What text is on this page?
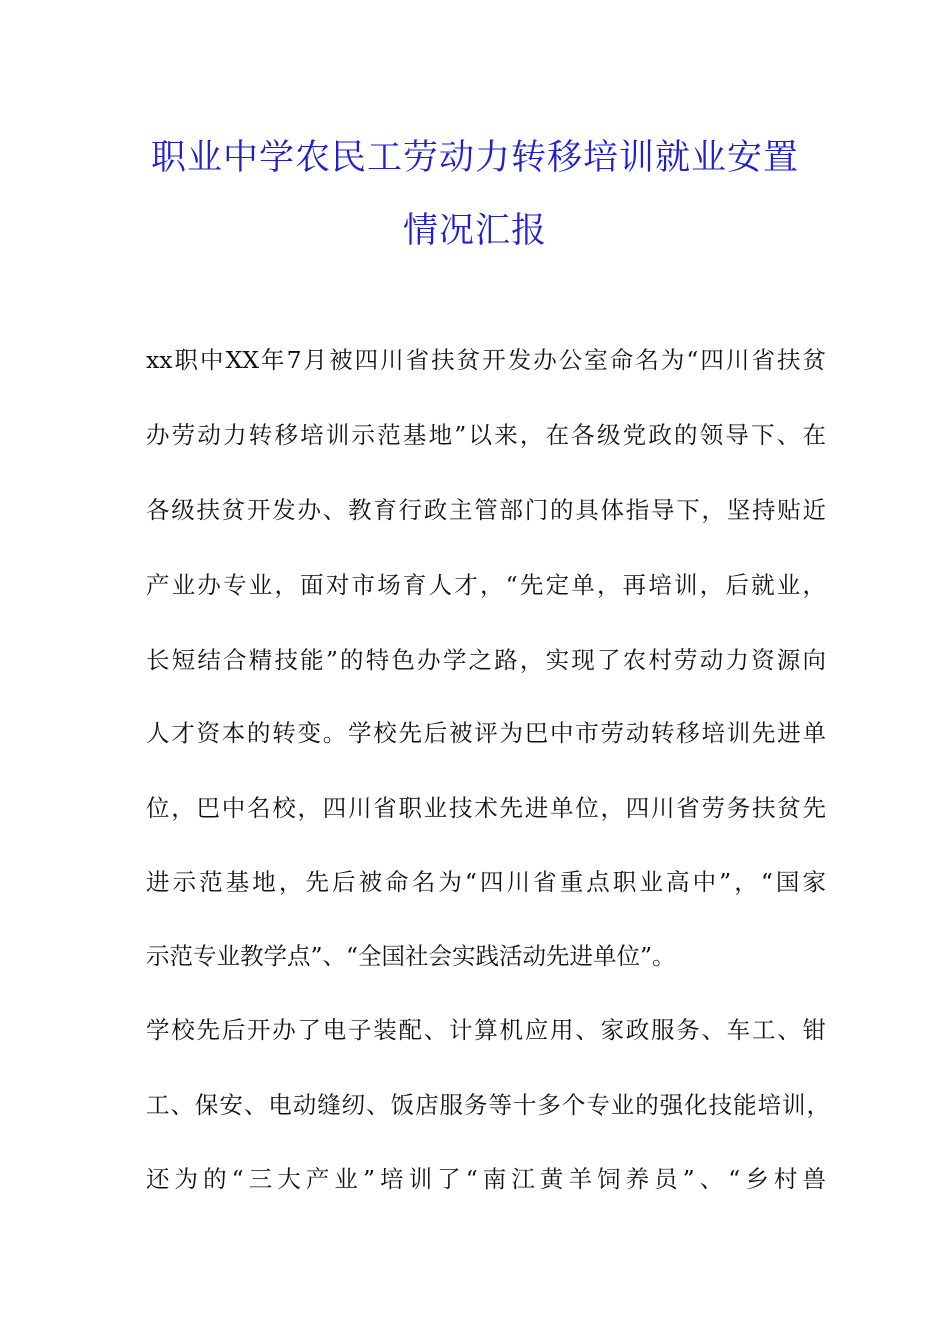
职业中学农民工劳动力转移培训就业安置
情况汇报
xx职中XX年7月被四川省扶贫开发办公室命名为“四川省扶贫
办劳动力转移培训示范基地”以来，在各级党政的领导下、在
各级扶贫开发办、教育行政主管部门的具体指导下，坚持贴近
产业办专业，面对市场育人才，“先定单，再培训，后就业，
长短结合精技能”的特色办学之路，实现了农村劳动力资源向
人才资本的转变。学校先后被评为巴中市劳动转移培训先进单
位，巴中名校，四川省职业技术先进单位，四川省劳务扶贫先
进示范基地，先后被命名为“四川省重点职业高中”，“国家
示范专业教学点”、“全国社会实践活动先进单位”。
学校先后开办了电子装配、计算机应用、家政服务、车工、钳
工、保安、电动缝纫、饭店服务等十多个专业的强化技能培训，
还为的“三大产业”培训了“南江黄羊饲养员”、“乡村兽
